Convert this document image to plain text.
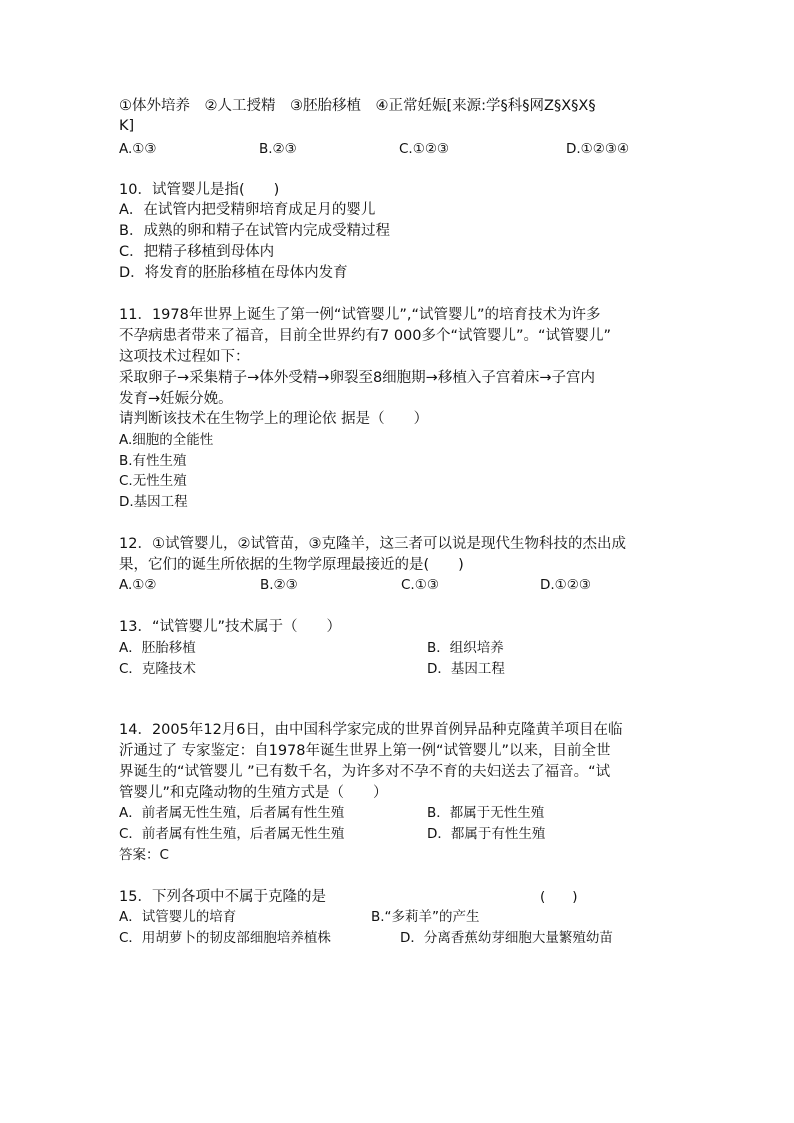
①体外培养　②人工授精　③胚胎移植　④正常妊娠[来源:学§科§网Z§X§X§
K]
A.①③	B.②③	C.①②③	D.①②③④
10．试管婴儿是指(　　)
A．在试管内把受精卵培育成足月的婴儿
B．成熟的卵和精子在试管内完成受精过程
C．把精子移植到母体内
D．将发育的胚胎移植在母体内发育
11．1978年世界上诞生了第一例“试管婴儿”,“试管婴儿”的培育技术为许多
不孕病患者带来了福音，目前全世界约有7 000多个“试管婴儿”。“试管婴儿”
这项技术过程如下：
采取卵子→采集精子→体外受精→卵裂至8细胞期→移植入子宫着床→子宫内
发育→妊娠分娩。
请判断该技术在生物学上的理论依 据是（　　）
A.细胞的全能性
B.有性生殖
C.无性生殖
D.基因工程
12．①试管婴儿，②试管苗，③克隆羊，这三者可以说是现代生物科技的杰出成
果，它们的诞生所依据的生物学原理最接近的是(　　)
A.①②	B.②③	C.①③	D.①②③
13．“试管婴儿”技术属于（　　）
A．胚胎移植	B．组织培养
C．克隆技术	D．基因工程
14．2005年12月6日，由中国科学家完成的世界首例异品种克隆黄羊项目在临
沂通过了 专家鉴定：自1978年诞生世界上第一例“试管婴儿”以来，目前全世
界诞生的“试管婴儿 ”已有数千名，为许多对不孕不育的夫妇送去了福音。“试
管婴儿”和克隆动物的生殖方式是（　　）
A．前者属无性生殖，后者属有性生殖	B．都属于无性生殖
C．前者属有性生殖，后者属无性生殖	D．都属于有性生殖
答案：C
15．下列各项中不属于克隆的是	(　　)
A．试管婴儿的培育	B.“多莉羊”的产生
C．用胡萝卜的韧皮部细胞培养植株	D．分离香蕉幼芽细胞大量繁殖幼苗
